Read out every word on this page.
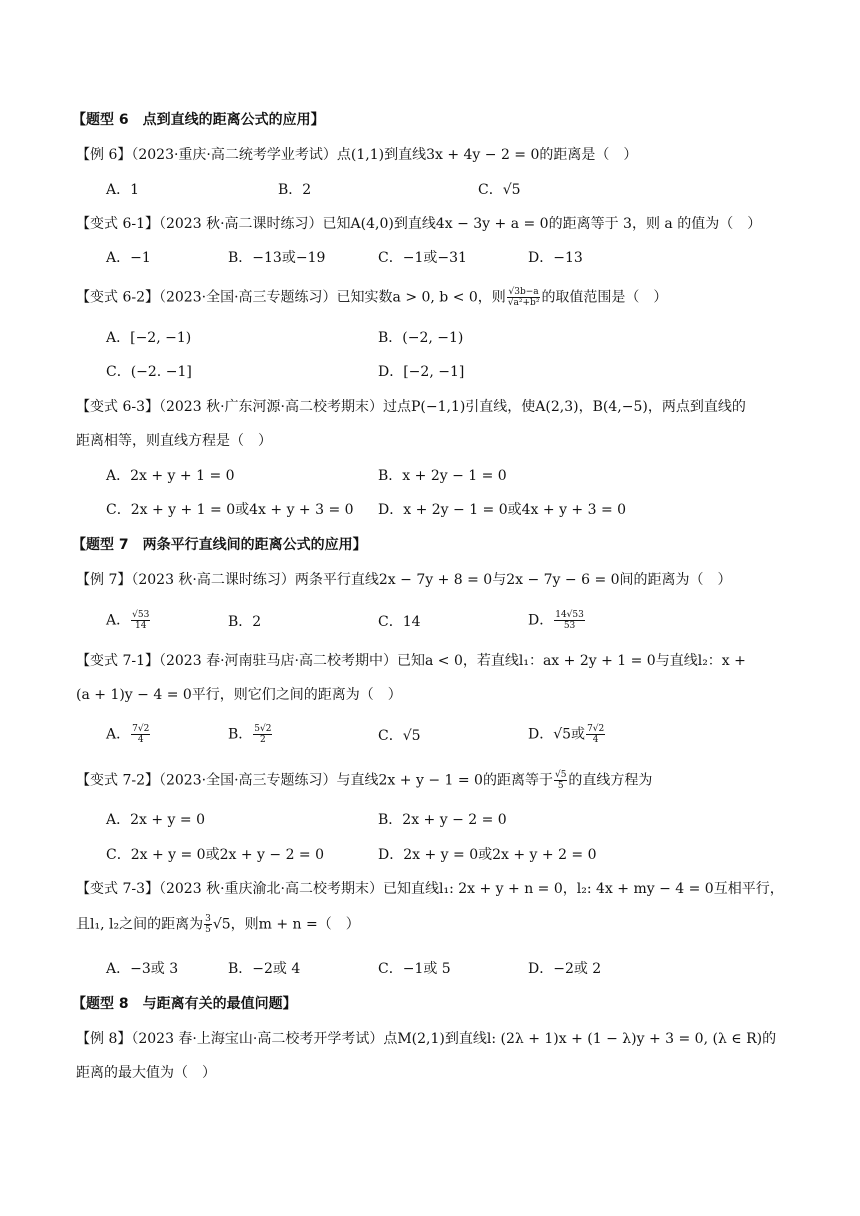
【题型 6　点到直线的距离公式的应用】
【例 6】（2023·重庆·高二统考学业考试）点(1,1)到直线3x + 4y − 2 = 0的距离是（　）
A．1	B．2	C．√5
【变式 6-1】（2023 秋·高二课时练习）已知A(4,0)到直线4x − 3y + a = 0的距离等于 3，则 a 的值为（　）
A．−1	B．−13或−19	C．−1或−31	D．−13
【变式 6-2】（2023·全国·高三专题练习）已知实数a > 0, b < 0，则 $\frac{√3b-a}{\text{√a²+b²}}$ 的取值范围是（　）
A．[−2, −1)	B．(−2, −1)
C．(−2. −1]	D．[−2, −1]
【变式 6-3】（2023 秋·广东河源·高二校考期末）过点P(−1,1)引直线，使A(2,3)，B(4,−5)，两点到直线的
距离相等，则直线方程是（　）
A．2x + y + 1 = 0	B．x + 2y − 1 = 0
C．2x + y + 1 = 0或4x + y + 3 = 0 D．x + 2y − 1 = 0或4x + y + 3 = 0
【题型 7　两条平行直线间的距离公式的应用】
【例 7】（2023 秋·高二课时练习）两条平行直线2x − 7y + 8 = 0与2x − 7y − 6 = 0间的距离为（　）
A． $\frac{√53}{14}$	B．2	C．14	D． $\frac{14√53}{53}$
【变式 7-1】（2023 春·河南驻马店·高二校考期中）已知a < 0，若直线l₁：ax + 2y + 1 = 0与直线l₂：x +
(a + 1)y − 4 = 0平行，则它们之间的距离为（　）
A． $\frac{7√2}{4}$	B． $\frac{5√2}{2}$	C．√5	D．√5或 $\frac{7√2}{4}$
【变式 7-2】（2023·全国·高三专题练习）与直线2x + y − 1 = 0的距离等于 $\frac{√5}{5}$ 的直线方程为
A．2x + y = 0	B．2x + y − 2 = 0
C．2x + y = 0或2x + y − 2 = 0	D．2x + y = 0或2x + y + 2 = 0
【变式 7-3】（2023 秋·重庆渝北·高二校考期末）已知直线l₁: 2x + y + n = 0，l₂: 4x + my − 4 = 0互相平行，
且l₁, l₂之间的距离为 $\frac{3}{5} √5$，则m + n =（　）
A．−3或 3	B．−2或 4	C．−1或 5	D．−2或 2
【题型 8　与距离有关的最值问题】
【例 8】（2023 春·上海宝山·高二校考开学考试）点M(2,1)到直线l: (2λ + 1)x + (1 − λ)y + 3 = 0, (λ ∈ R)的
距离的最大值为（　）
